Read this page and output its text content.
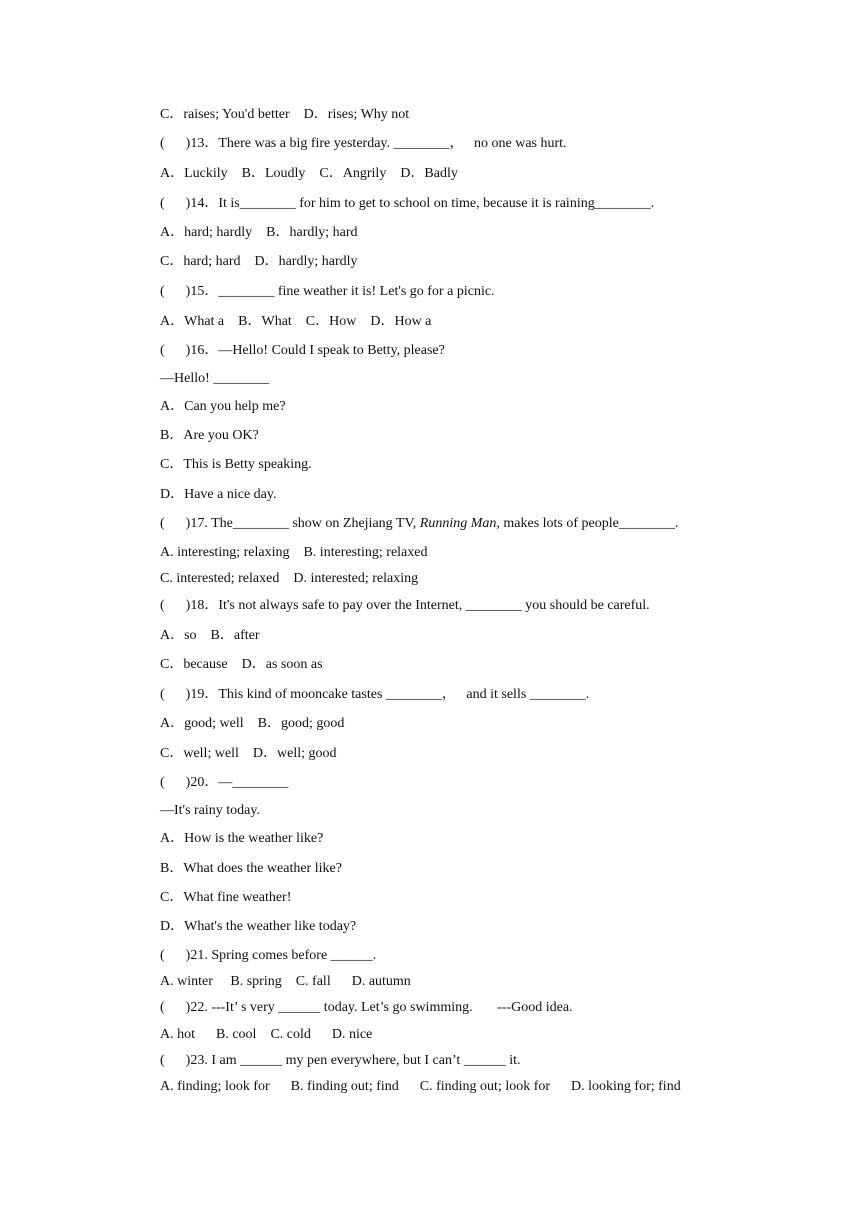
C．raises; You'd better    D．rises; Why not
(      )13．There was a big fire yesterday. ________，   no one was hurt.
A．Luckily    B．Loudly    C．Angrily    D．Badly
(      )14．It is________ for him to get to school on time, because it is raining________.
A．hard; hardly    B．hardly; hard
C．hard; hard    D．hardly; hardly
(      )15．________ fine weather it is! Let's go for a picnic.
A．What a    B．What    C．How    D．How a
(      )16．—Hello! Could I speak to Betty, please?
—Hello! ________
A．Can you help me?
B．Are you OK?
C．This is Betty speaking.
D．Have a nice day.
(      )17. The________ show on Zhejiang TV, Running Man, makes lots of people________.
A. interesting; relaxing    B. interesting; relaxed
C. interested; relaxed    D. interested; relaxing
(      )18．It's not always safe to pay over the Internet, ________ you should be careful.
A．so    B．after
C．because    D．as soon as
(      )19．This kind of mooncake tastes ________，   and it sells ________.
A．good; well    B．good; good
C．well; well    D．well; good
(      )20．—________
—It's rainy today.
A．How is the weather like?
B．What does the weather like?
C．What fine weather!
D．What's the weather like today?
(      )21. Spring comes before ______.
A. winter     B. spring    C. fall      D. autumn
(      )22. ---It’ s very ______ today. Let’s go swimming.       ---Good idea.
A. hot      B. cool    C. cold      D. nice
(      )23. I am ______ my pen everywhere, but I can’t ______ it.
A. finding; look for      B. finding out; find      C. finding out; look for      D. looking for; find
